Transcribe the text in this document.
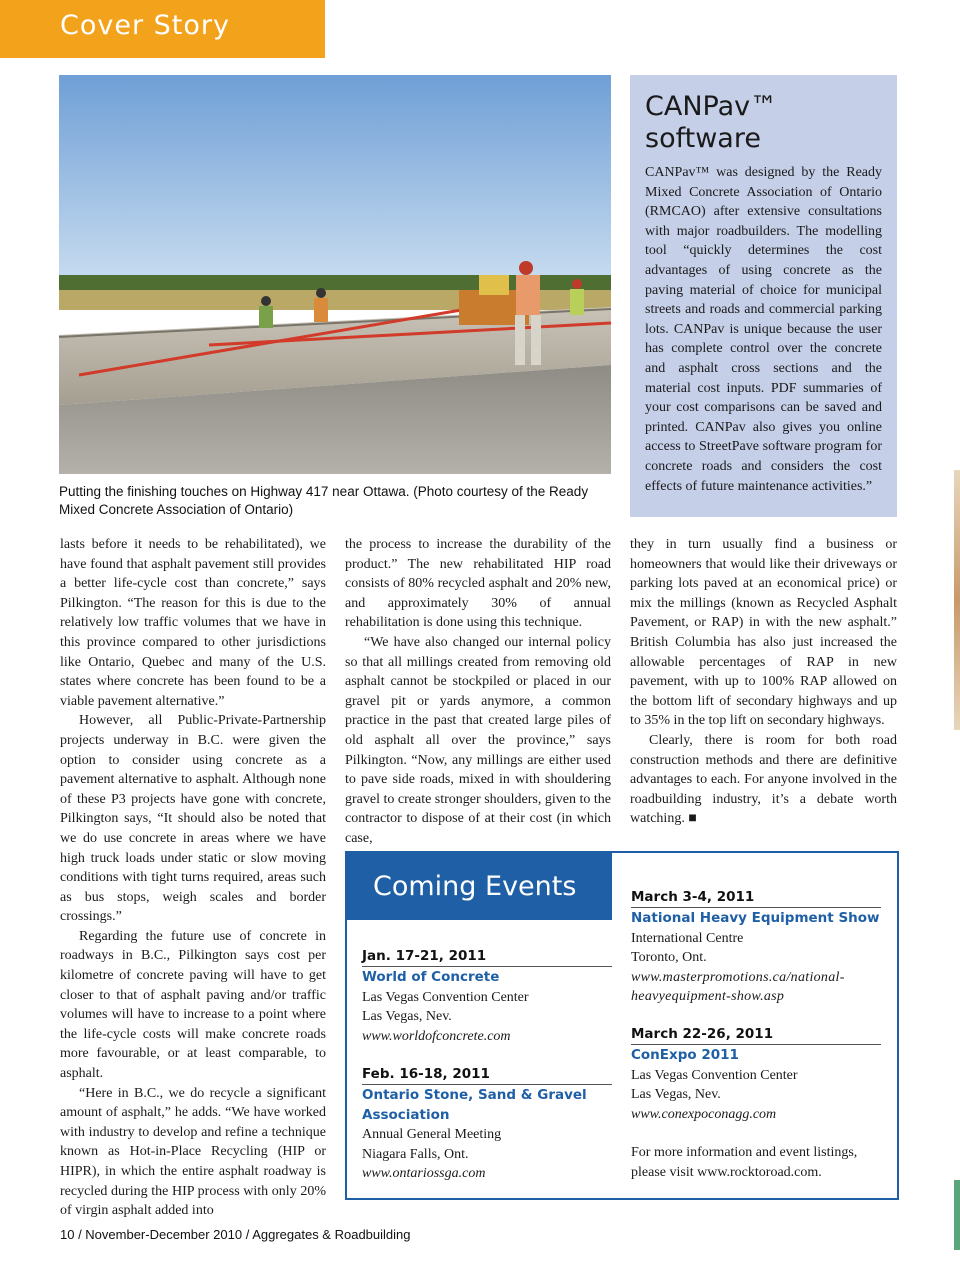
Cover Story
Putting the finishing touches on Highway 417 near Ottawa. (Photo courtesy of the Ready Mixed Concrete Association of Ontario)
CANPav™
software

CANPav™ was designed by the Ready Mixed Concrete Association of Ontario (RMCAO) after extensive consultations with major roadbuilders. The modelling tool “quickly determines the cost advantages of using concrete as the paving material of choice for municipal streets and roads and commercial parking lots. CANPav is unique because the user has complete control over the concrete and asphalt cross sections and the material cost inputs. PDF summaries of your cost comparisons can be saved and printed. CANPav also gives you online access to StreetPave software program for concrete roads and considers the cost effects of future maintenance activities.”

lasts before it needs to be rehabilitated), we have found that asphalt pavement still provides a better life-cycle cost than concrete,” says Pilkington. “The reason for this is due to the relatively low traffic volumes that we have in this province compared to other jurisdictions like Ontario, Quebec and many of the U.S. states where concrete has been found to be a viable pavement alternative.”

However, all Public-Private-Partnership projects underway in B.C. were given the option to consider using concrete as a pavement alternative to asphalt. Although none of these P3 projects have gone with concrete, Pilkington says, “It should also be noted that we do use concrete in areas where we have high truck loads under static or slow moving conditions with tight turns required, areas such as bus stops, weigh scales and border crossings.”

Regarding the future use of concrete in roadways in B.C., Pilkington says cost per kilometre of concrete paving will have to get closer to that of asphalt paving and/or traffic volumes will have to increase to a point where the life-cycle costs will make concrete roads more favourable, or at least comparable, to asphalt.

“Here in B.C., we do recycle a significant amount of asphalt,” he adds. “We have worked with industry to develop and refine a technique known as Hot-in-Place Recycling (HIP or HIPR), in which the entire asphalt roadway is recycled during the HIP process with only 20% of virgin asphalt added into

the process to increase the durability of the product.” The new rehabilitated HIP road consists of 80% recycled asphalt and 20% new, and approximately 30% of annual rehabilitation is done using this technique.

“We have also changed our internal policy so that all millings created from removing old asphalt cannot be stockpiled or placed in our gravel pit or yards anymore, a common practice in the past that created large piles of old asphalt all over the province,” says Pilkington. “Now, any millings are either used to pave side roads, mixed in with shouldering gravel to create stronger shoulders, given to the contractor to dispose of at their cost (in which case,

they in turn usually find a business or homeowners that would like their driveways or parking lots paved at an economical price) or mix the millings (known as Recycled Asphalt Pavement, or RAP) in with the new asphalt.” British Columbia has also just increased the allowable percentages of RAP in new pavement, with up to 100% RAP allowed on the bottom lift of secondary highways and up to 35% in the top lift on secondary highways.

Clearly, there is room for both road construction methods and there are definitive advantages to each. For anyone involved in the roadbuilding industry, it’s a debate worth watching. ■

Coming Events
Jan. 17-21, 2011
World of Concrete
Las Vegas Convention Center
Las Vegas, Nev.
www.worldofconcrete.com
Feb. 16-18, 2011
Ontario Stone, Sand & Gravel Association
Annual General Meeting
Niagara Falls, Ont.
www.ontariossga.com
March 3-4, 2011
National Heavy Equipment Show
International Centre
Toronto, Ont.
www.masterpromotions.ca/national-heavyequipment-show.asp
March 22-26, 2011
ConExpo 2011
Las Vegas Convention Center
Las Vegas, Nev.
www.conexpoconagg.com
For more information and event listings, please visit www.rocktoroad.com.
10 / November-December 2010 / Aggregates & Roadbuilding
